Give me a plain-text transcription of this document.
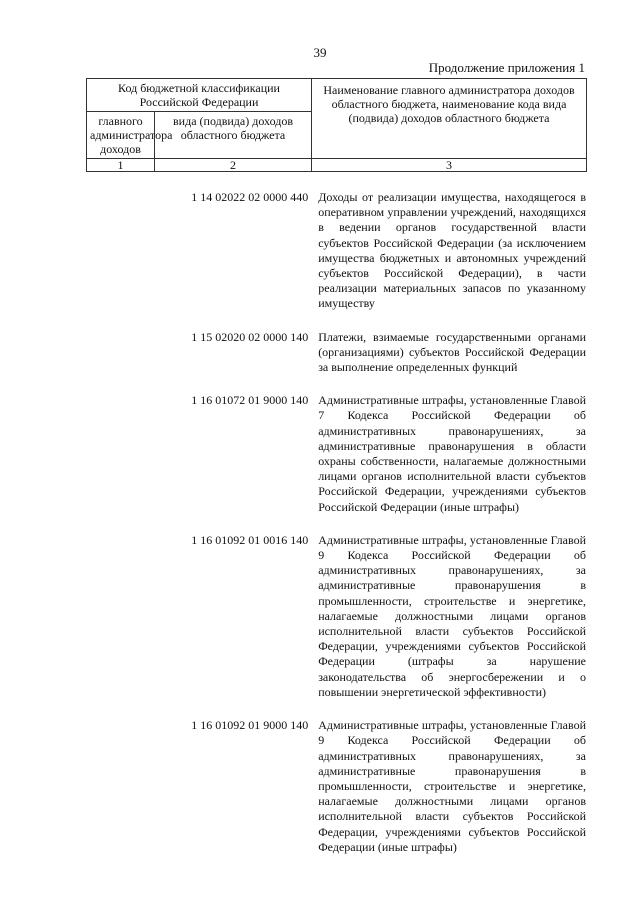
39
Продолжение приложения 1
Код бюджетной классификации Российской Федерации		Наименование главного администратора доходов областного бюджета, наименование кода вида (подвида) доходов областного бюджета
главного администратора доходов	вида (подвида) доходов областного бюджета	
1	2	3
1 14 02022 02 0000 440 Доходы от реализации имущества, находящегося в оперативном управлении учреждений, находящихся в ведении органов государственной власти субъектов Российской Федерации (за исключением имущества бюджетных и автономных учреждений субъектов Российской Федерации), в части реализации материальных запасов по указанному имуществу
1 15 02020 02 0000 140 Платежи, взимаемые государственными органами (организациями) субъектов Российской Федерации за выполнение определенных функций
1 16 01072 01 9000 140 Административные штрафы, установленные Главой 7 Кодекса Российской Федерации об административных правонарушениях, за административные правонарушения в области охраны собственности, налагаемые должностными лицами органов исполнительной власти субъектов Российской Федерации, учреждениями субъектов Российской Федерации (иные штрафы)
1 16 01092 01 0016 140 Административные штрафы, установленные Главой 9 Кодекса Российской Федерации об административных правонарушениях, за административные правонарушения в промышленности, строительстве и энергетике, налагаемые должностными лицами органов исполнительной власти субъектов Российской Федерации, учреждениями субъектов Российской Федерации (штрафы за нарушение законодательства об энергосбережении и о повышении энергетической эффективности)
1 16 01092 01 9000 140 Административные штрафы, установленные Главой 9 Кодекса Российской Федерации об административных правонарушениях, за административные правонарушения в промышленности, строительстве и энергетике, налагаемые должностными лицами органов исполнительной власти субъектов Российской Федерации, учреждениями субъектов Российской Федерации (иные штрафы)
